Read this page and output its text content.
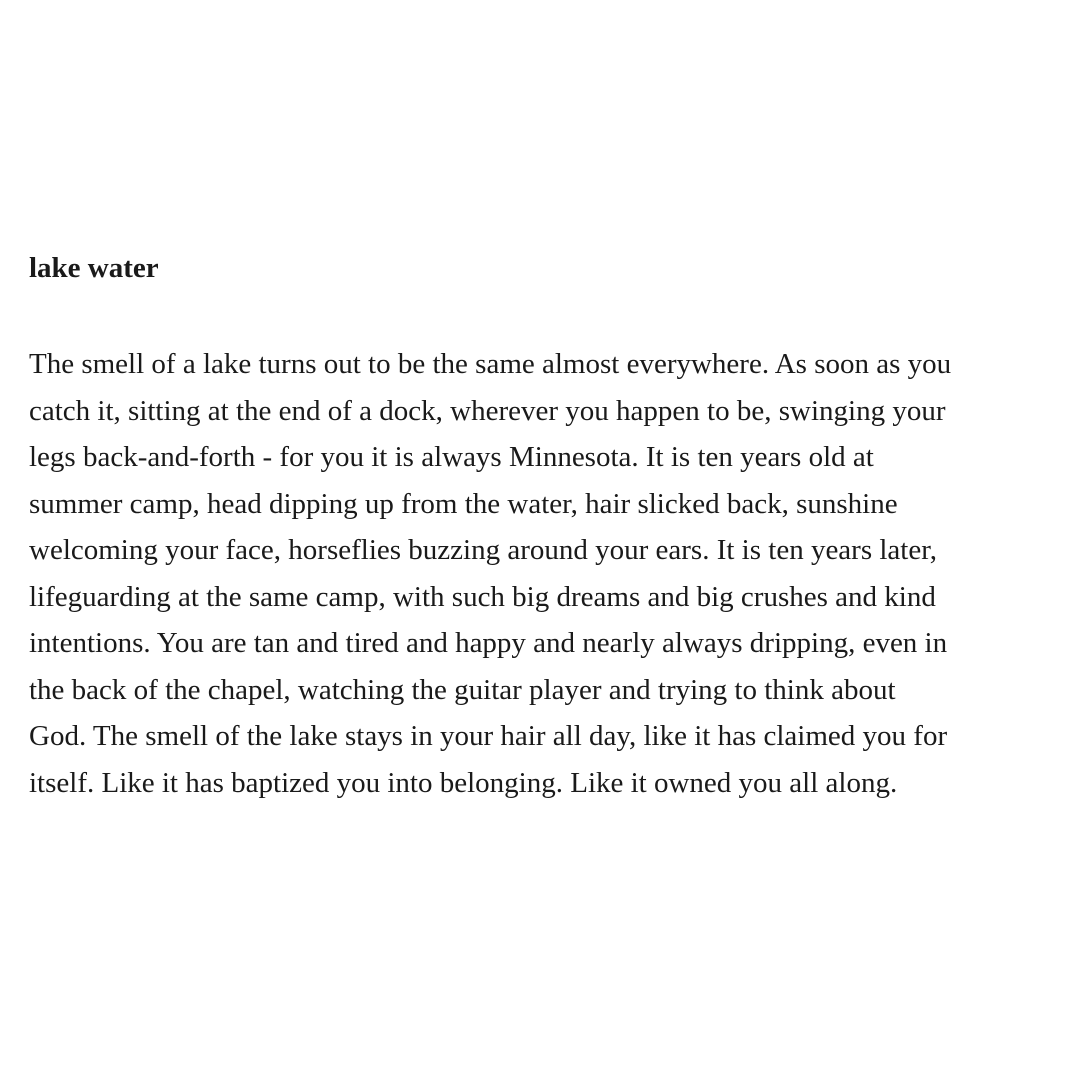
lake water
The smell of a lake turns out to be the same almost everywhere. As soon as you
catch it, sitting at the end of a dock, wherever you happen to be, swinging your
legs back-and-forth - for you it is always Minnesota. It is ten years old at
summer camp, head dipping up from the water, hair slicked back, sunshine
welcoming your face, horseflies buzzing around your ears. It is ten years later,
lifeguarding at the same camp, with such big dreams and big crushes and kind
intentions. You are tan and tired and happy and nearly always dripping, even in
the back of the chapel, watching the guitar player and trying to think about
God. The smell of the lake stays in your hair all day, like it has claimed you for
itself. Like it has baptized you into belonging. Like it owned you all along.
